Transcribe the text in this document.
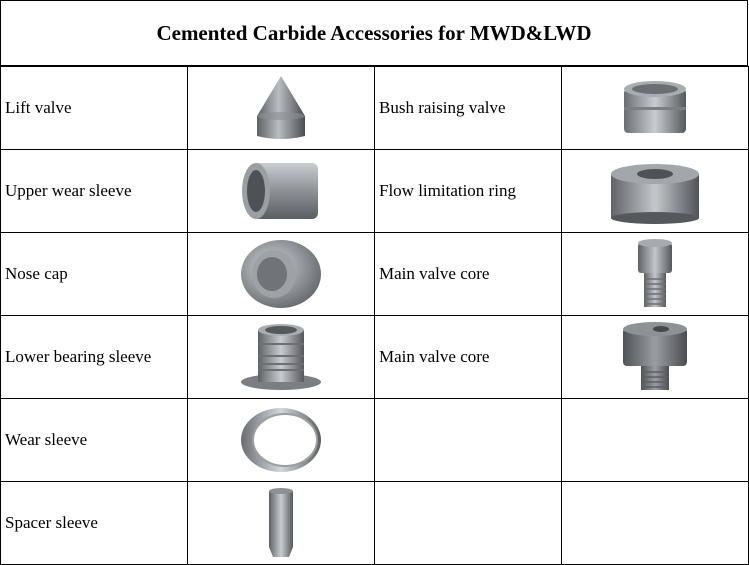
Cemented Carbide Accessories for MWD&LWD
Lift valve		Bush raising valve	

Upper wear sleeve		Flow limitation ring	

Nose cap		Main valve core	

Lower bearing sleeve		Main valve core	

Wear sleeve	

Spacer sleeve	
